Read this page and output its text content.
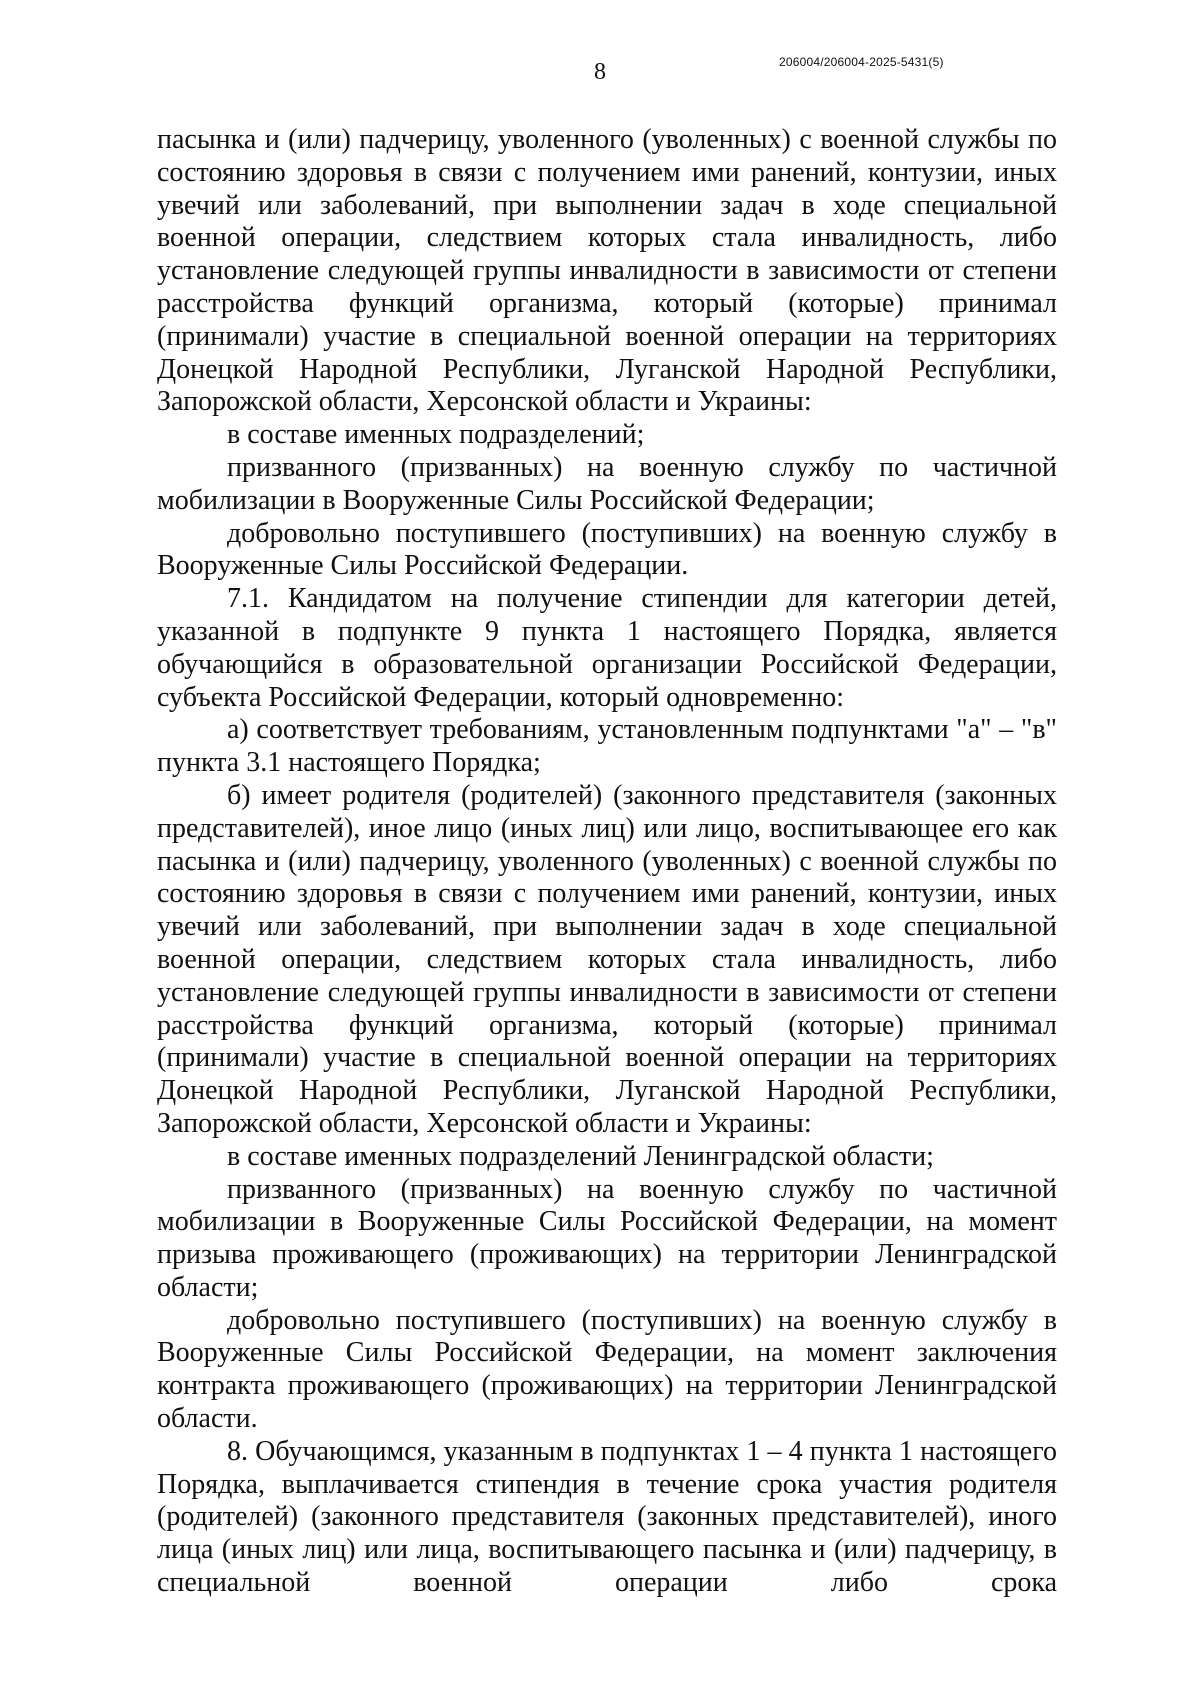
8	206004/206004-2025-5431(5)

пасынка и (или) падчерицу, уволенного (уволенных) с военной службы по состоянию здоровья в связи с получением ими ранений, контузии, иных увечий или заболеваний, при выполнении задач в ходе специальной военной операции, следствием которых стала инвалидность, либо установление следующей группы инвалидности в зависимости от степени расстройства функций организма, который (которые) принимал (принимали) участие в специальной военной операции на территориях Донецкой Народной Республики, Луганской Народной Республики, Запорожской области, Херсонской области и Украины:

в составе именных подразделений;

призванного (призванных) на военную службу по частичной мобилизации в Вооруженные Силы Российской Федерации;

добровольно поступившего (поступивших) на военную службу в Вооруженные Силы Российской Федерации.

7.1. Кандидатом на получение стипендии для категории детей, указанной в подпункте 9 пункта 1 настоящего Порядка, является обучающийся в образовательной организации Российской Федерации, субъекта Российской Федерации, который одновременно:

а) соответствует требованиям, установленным подпунктами "а" – "в" пункта 3.1 настоящего Порядка;

б) имеет родителя (родителей) (законного представителя (законных представителей), иное лицо (иных лиц) или лицо, воспитывающее его как пасынка и (или) падчерицу, уволенного (уволенных) с военной службы по состоянию здоровья в связи с получением ими ранений, контузии, иных увечий или заболеваний, при выполнении задач в ходе специальной военной операции, следствием которых стала инвалидность, либо установление следующей группы инвалидности в зависимости от степени расстройства функций организма, который (которые) принимал (принимали) участие в специальной военной операции на территориях Донецкой Народной Республики, Луганской Народной Республики, Запорожской области, Херсонской области и Украины:

в составе именных подразделений Ленинградской области;

призванного (призванных) на военную службу по частичной мобилизации в Вооруженные Силы Российской Федерации, на момент призыва проживающего (проживающих) на территории Ленинградской области;

добровольно поступившего (поступивших) на военную службу в Вооруженные Силы Российской Федерации, на момент заключения контракта проживающего (проживающих) на территории Ленинградской области.

8. Обучающимся, указанным в подпунктах 1 – 4 пункта 1 настоящего Порядка, выплачивается стипендия в течение срока участия родителя (родителей) (законного представителя (законных представителей), иного лица (иных лиц) или лица, воспитывающего пасынка и (или) падчерицу, в специальной военной операции либо срока
